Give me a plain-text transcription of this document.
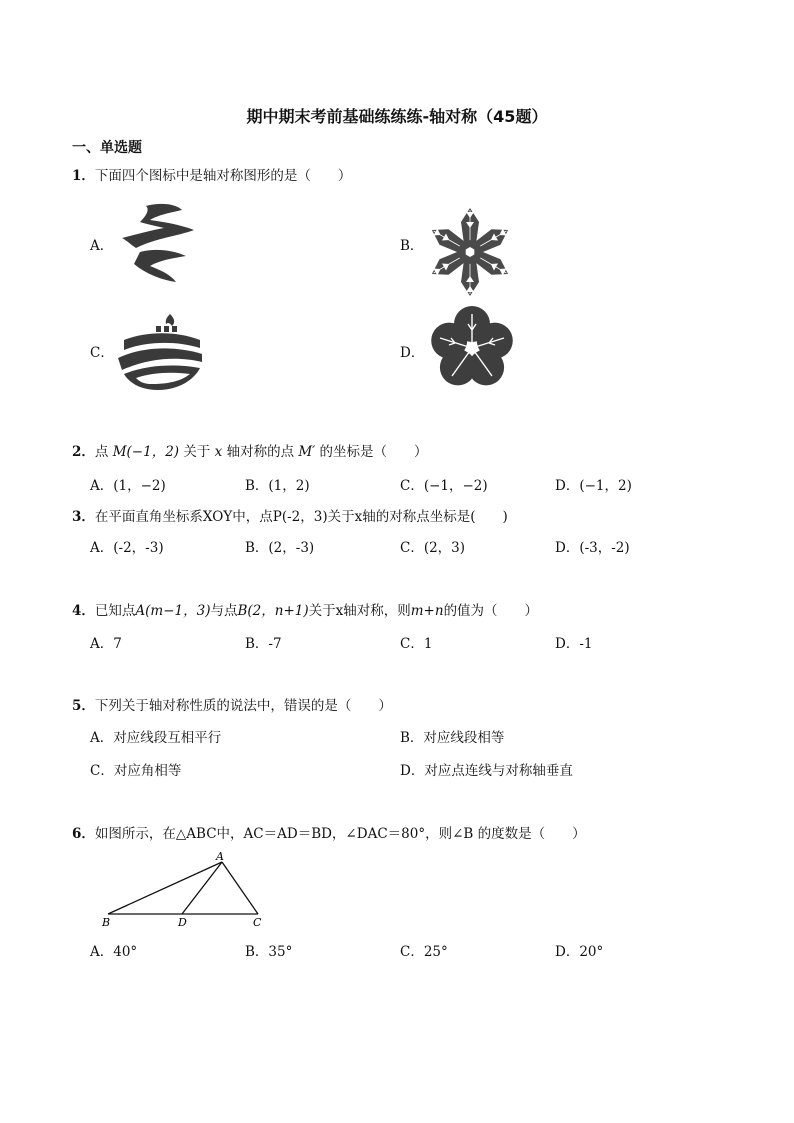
期中期末考前基础练练练-轴对称（45题）
一、单选题
1．下面四个图标中是轴对称图形的是（　　）
A．	B．
C．	D．
2．点 M(−1，2) 关于 x 轴对称的点 M′ 的坐标是（　　）
A．(1，−2)	B．(1，2)	C．(−1，−2)	D．(−1，2)
3．在平面直角坐标系XOY中，点P(-2，3)关于x轴的对称点坐标是(　　)
A．(-2，-3)	B．(2，-3)	C．(2，3)	D．(-3，-2)
4．已知点A(m−1，3)与点B(2，n+1)关于x轴对称，则m+n的值为（　　）
A．7	B．-7	C．1	D．-1
5．下列关于轴对称性质的说法中，错误的是（　　）
A．对应线段互相平行	B．对应线段相等
C．对应角相等	D．对应点连线与对称轴垂直
6．如图所示，在△ABC中，AC＝AD＝BD，∠DAC＝80°，则∠B 的度数是（　　）
A
B	D	C
A．40°	B．35°	C．25°	D．20°
